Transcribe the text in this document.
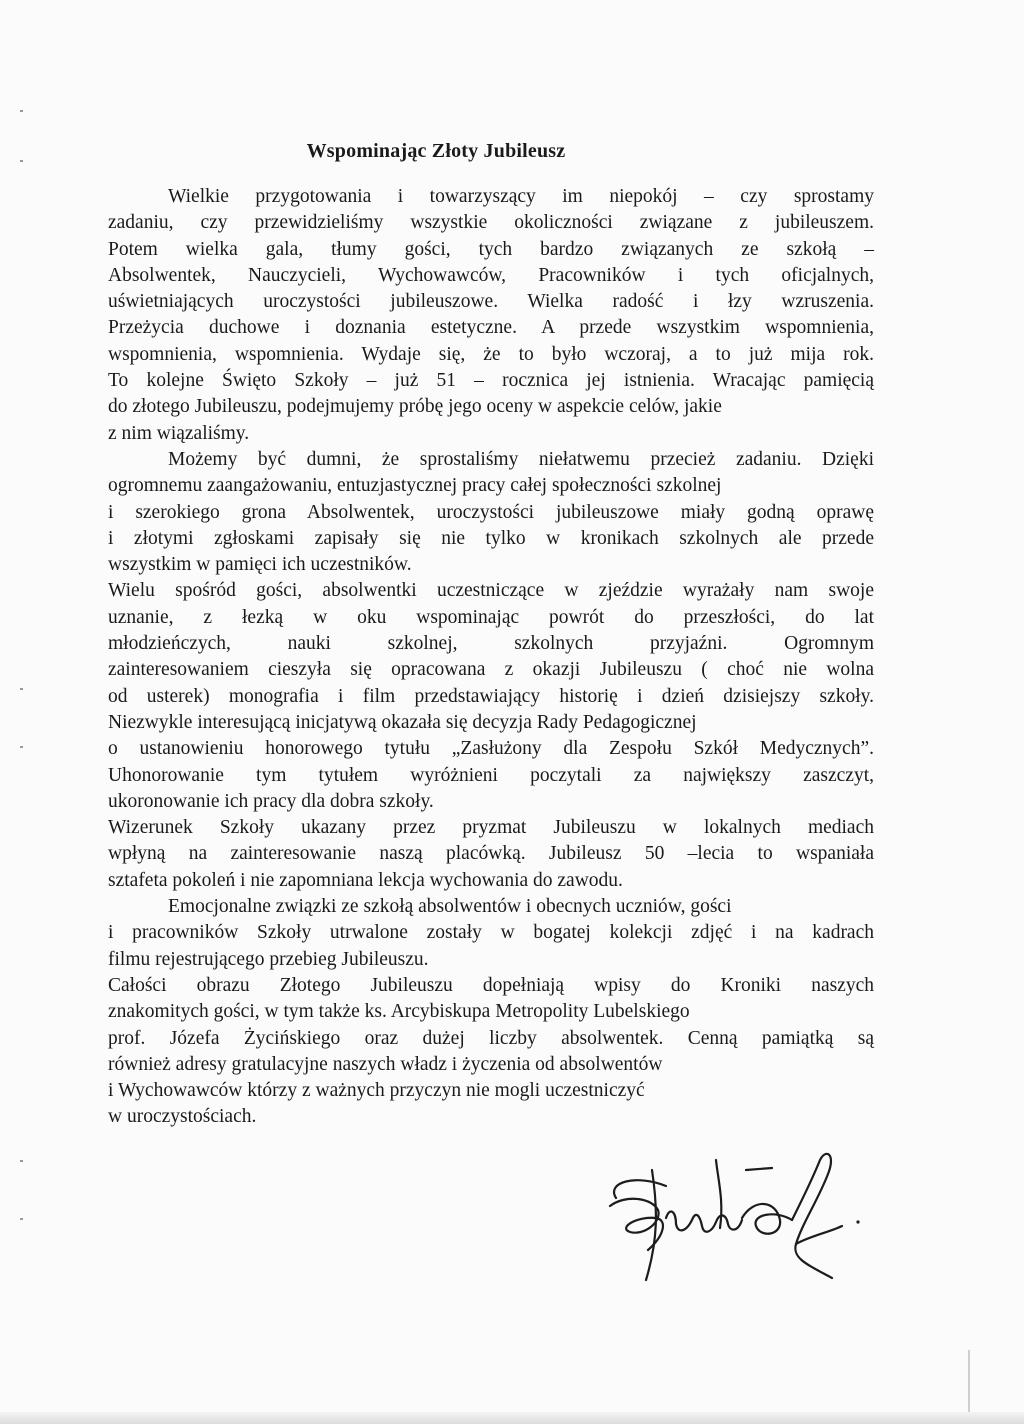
Wspominając Złoty Jubileusz
Wielkie przygotowania i towarzyszący im niepokój – czy sprostamy
zadaniu, czy przewidzieliśmy wszystkie okoliczności związane z jubileuszem.
Potem wielka gala, tłumy gości, tych bardzo związanych ze szkołą –
Absolwentek, Nauczycieli, Wychowawców, Pracowników i tych oficjalnych,
uświetniających uroczystości jubileuszowe. Wielka radość i łzy wzruszenia.
Przeżycia duchowe i doznania estetyczne. A przede wszystkim wspomnienia,
wspomnienia, wspomnienia. Wydaje się, że to było wczoraj, a to już mija rok.
To kolejne Święto Szkoły – już 51 – rocznica jej istnienia. Wracając pamięcią
do złotego Jubileuszu, podejmujemy próbę jego oceny w aspekcie celów, jakie
z nim wiązaliśmy.
Możemy być dumni, że sprostaliśmy niełatwemu przecież zadaniu. Dzięki
ogromnemu zaangażowaniu, entuzjastycznej pracy całej społeczności szkolnej
i szerokiego grona Absolwentek, uroczystości jubileuszowe miały godną oprawę
i złotymi zgłoskami zapisały się nie tylko w kronikach szkolnych ale przede
wszystkim w pamięci ich uczestników.
Wielu spośród gości, absolwentki uczestniczące w zjeździe wyrażały nam swoje
uznanie, z łezką w oku wspominając powrót do przeszłości, do lat
młodzieńczych, nauki szkolnej, szkolnych przyjaźni. Ogromnym
zainteresowaniem cieszyła się opracowana z okazji Jubileuszu ( choć nie wolna
od usterek) monografia i film przedstawiający historię i dzień dzisiejszy szkoły.
Niezwykle interesującą inicjatywą okazała się decyzja Rady Pedagogicznej
o ustanowieniu honorowego tytułu „Zasłużony dla Zespołu Szkół Medycznych”.
Uhonorowanie tym tytułem wyróżnieni poczytali za największy zaszczyt,
ukoronowanie ich pracy dla dobra szkoły.
Wizerunek Szkoły ukazany przez pryzmat Jubileuszu w lokalnych mediach
wpłyną na zainteresowanie naszą placówką. Jubileusz 50 –lecia to wspaniała
sztafeta pokoleń i nie zapomniana lekcja wychowania do zawodu.
Emocjonalne związki ze szkołą absolwentów i obecnych uczniów, gości
i pracowników Szkoły utrwalone zostały w bogatej kolekcji zdjęć i na kadrach
filmu rejestrującego przebieg Jubileuszu.
Całości obrazu Złotego Jubileuszu dopełniają wpisy do Kroniki naszych
znakomitych gości, w tym także ks. Arcybiskupa Metropolity Lubelskiego
prof. Józefa Życińskiego oraz dużej liczby absolwentek. Cenną pamiątką są
również adresy gratulacyjne naszych władz i życzenia od absolwentów
i Wychowawców którzy z ważnych przyczyn nie mogli uczestniczyć
w uroczystościach.
